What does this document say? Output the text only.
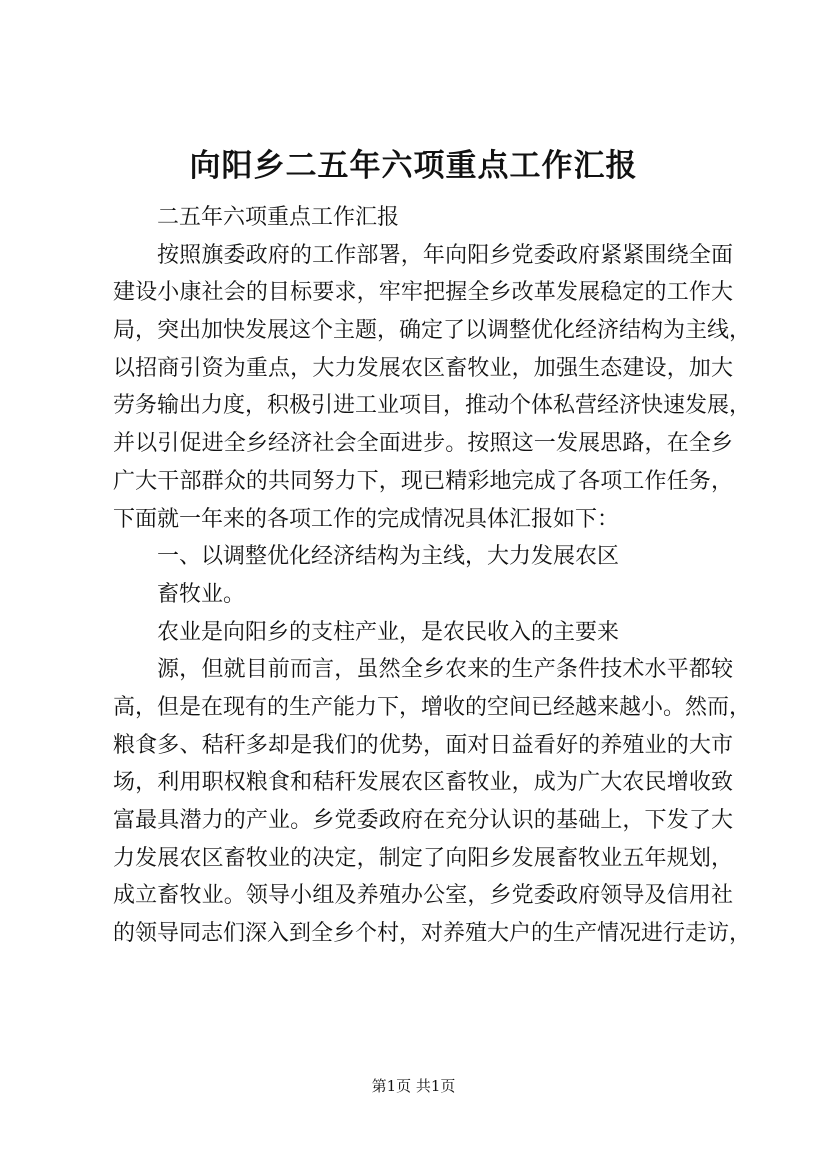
向阳乡二五年六项重点工作汇报

二五年六项重点工作汇报

按照旗委政府的工作部署，年向阳乡党委政府紧紧围绕全面

建设小康社会的目标要求，牢牢把握全乡改革发展稳定的工作大

局，突出加快发展这个主题，确定了以调整优化经济结构为主线，

以招商引资为重点，大力发展农区畜牧业，加强生态建设，加大

劳务输出力度，积极引进工业项目，推动个体私营经济快速发展，

并以引促进全乡经济社会全面进步。按照这一发展思路，在全乡

广大干部群众的共同努力下，现已精彩地完成了各项工作任务，

下面就一年来的各项工作的完成情况具体汇报如下：

一、以调整优化经济结构为主线，大力发展农区

畜牧业。

农业是向阳乡的支柱产业，是农民收入的主要来

源，但就目前而言，虽然全乡农来的生产条件技术水平都较

高，但是在现有的生产能力下，增收的空间已经越来越小。然而，

粮食多、秸秆多却是我们的优势，面对日益看好的养殖业的大市

场，利用职权粮食和秸秆发展农区畜牧业，成为广大农民增收致

富最具潜力的产业。乡党委政府在充分认识的基础上，下发了大

力发展农区畜牧业的决定，制定了向阳乡发展畜牧业五年规划，

成立畜牧业。领导小组及养殖办公室，乡党委政府领导及信用社

的领导同志们深入到全乡个村，对养殖大户的生产情况进行走访，

第1页 共1页
